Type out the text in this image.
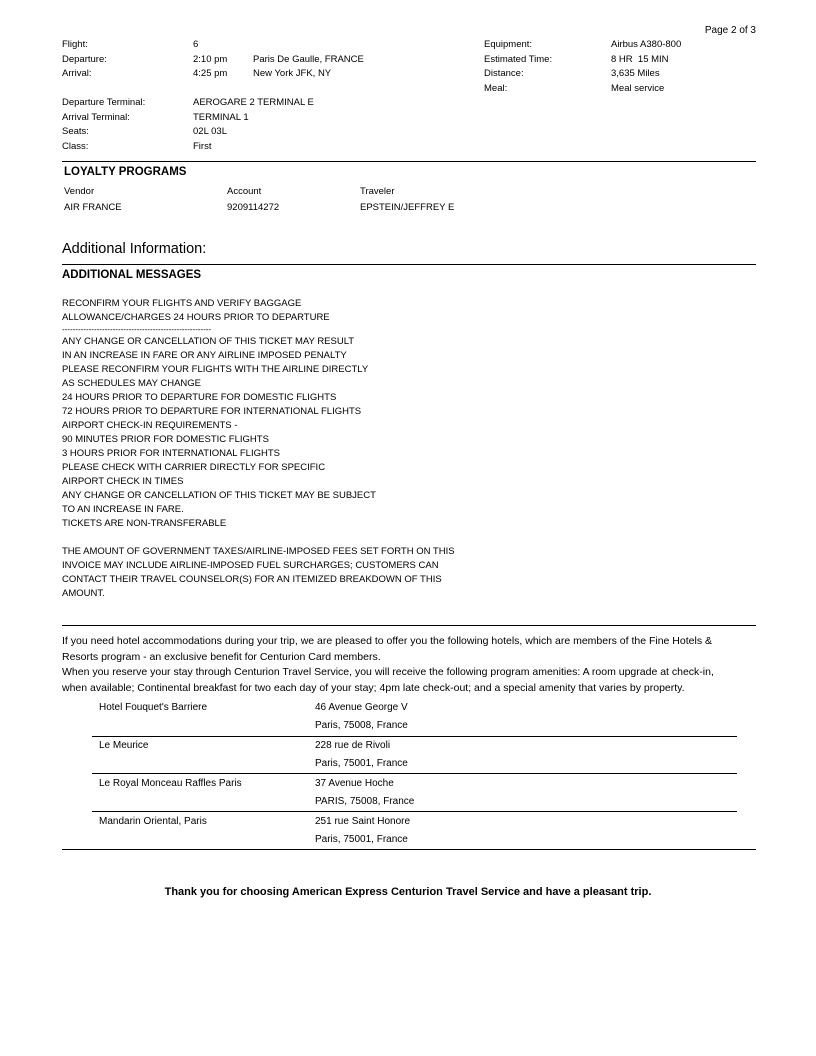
Page 2 of 3
Flight:	6
Departure:	2:10 pm	Paris De Gaulle, FRANCE
Arrival:	4:25 pm	New York JFK, NY
Equipment:	Airbus A380-800
Estimated Time:	8 HR  15 MIN
Distance:	3,635 Miles
Meal:	Meal service
Departure Terminal:	AEROGARE 2 TERMINAL E
Arrival Terminal:	TERMINAL 1
Seats:	02L 03L
Class:	First
LOYALTY PROGRAMS
Vendor	Account	Traveler
AIR FRANCE	9209114272	EPSTEIN/JEFFREY E
Additional Information:
ADDITIONAL MESSAGES
RECONFIRM YOUR FLIGHTS AND VERIFY BAGGAGE
ALLOWANCE/CHARGES 24 HOURS PRIOR TO DEPARTURE
--------------------------------------------------------
ANY CHANGE OR CANCELLATION OF THIS TICKET MAY RESULT
IN AN INCREASE IN FARE OR ANY AIRLINE IMPOSED PENALTY
PLEASE RECONFIRM YOUR FLIGHTS WITH THE AIRLINE DIRECTLY
AS SCHEDULES MAY CHANGE
24 HOURS PRIOR TO DEPARTURE FOR DOMESTIC FLIGHTS
72 HOURS PRIOR TO DEPARTURE FOR INTERNATIONAL FLIGHTS
AIRPORT CHECK-IN REQUIREMENTS -
90 MINUTES PRIOR FOR DOMESTIC FLIGHTS
3 HOURS PRIOR FOR INTERNATIONAL FLIGHTS
PLEASE CHECK WITH CARRIER DIRECTLY FOR SPECIFIC
AIRPORT CHECK IN TIMES
ANY CHANGE OR CANCELLATION OF THIS TICKET MAY BE SUBJECT
TO AN INCREASE IN FARE.
TICKETS ARE NON-TRANSFERABLE
THE AMOUNT OF GOVERNMENT TAXES/AIRLINE-IMPOSED FEES SET FORTH ON THIS
INVOICE MAY INCLUDE AIRLINE-IMPOSED FUEL SURCHARGES; CUSTOMERS CAN
CONTACT THEIR TRAVEL COUNSELOR(S) FOR AN ITEMIZED BREAKDOWN OF THIS
AMOUNT.
If you need hotel accommodations during your trip, we are pleased to offer you the following hotels, which are members of the Fine Hotels &
Resorts program - an exclusive benefit for Centurion Card members.
When you reserve your stay through Centurion Travel Service, you will receive the following program amenities: A room upgrade at check-in,
when available; Continental breakfast for two each day of your stay; 4pm late check-out; and a special amenity that varies by property.
Hotel Fouquet's Barriere	46 Avenue George V
Paris, 75008, France
Le Meurice	228 rue de Rivoli
Paris, 75001, France
Le Royal Monceau Raffles Paris	37 Avenue Hoche
PARIS, 75008, France
Mandarin Oriental, Paris	251 rue Saint Honore
Paris, 75001, France
Thank you for choosing American Express Centurion Travel Service and have a pleasant trip.
